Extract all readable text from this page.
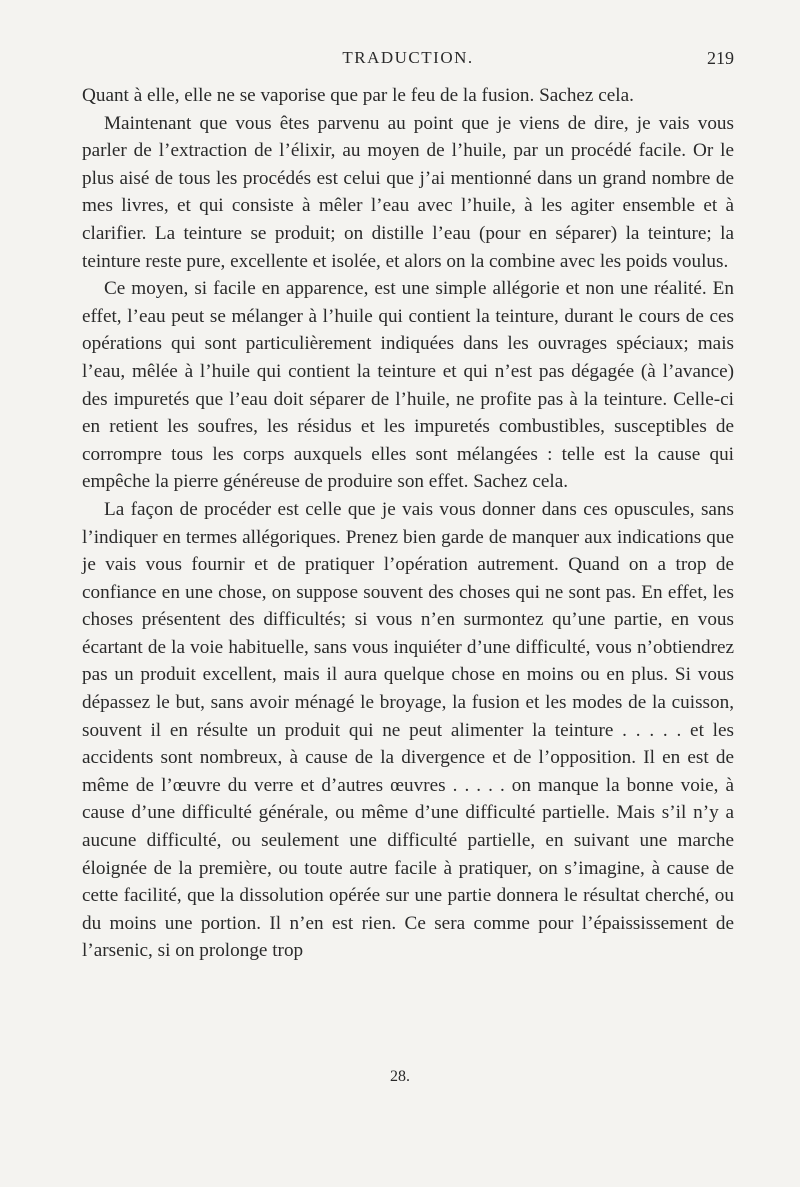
TRADUCTION.	219

Quant à elle, elle ne se vaporise que par le feu de la fusion. Sachez cela.

Maintenant que vous êtes parvenu au point que je viens de dire, je vais vous parler de l’extraction de l’élixir, au moyen de l’huile, par un procédé facile. Or le plus aisé de tous les procédés est celui que j’ai mentionné dans un grand nombre de mes livres, et qui consiste à mêler l’eau avec l’huile, à les agiter ensemble et à clarifier. La teinture se produit; on distille l’eau (pour en séparer) la teinture; la teinture reste pure, excellente et isolée, et alors on la combine avec les poids voulus.

Ce moyen, si facile en apparence, est une simple allégorie et non une réalité. En effet, l’eau peut se mélanger à l’huile qui contient la teinture, durant le cours de ces opérations qui sont particulièrement indiquées dans les ouvrages spéciaux; mais l’eau, mêlée à l’huile qui contient la teinture et qui n’est pas dégagée (à l’avance) des impuretés que l’eau doit séparer de l’huile, ne profite pas à la teinture. Celle-ci en retient les soufres, les résidus et les impuretés combustibles, susceptibles de corrompre tous les corps auxquels elles sont mélangées : telle est la cause qui empêche la pierre généreuse de produire son effet. Sachez cela.

La façon de procéder est celle que je vais vous donner dans ces opuscules, sans l’indiquer en termes allégoriques. Prenez bien garde de manquer aux indications que je vais vous fournir et de pratiquer l’opération autrement. Quand on a trop de confiance en une chose, on suppose souvent des choses qui ne sont pas. En effet, les choses présentent des difficultés; si vous n’en surmontez qu’une partie, en vous écartant de la voie habituelle, sans vous inquiéter d’une difficulté, vous n’obtiendrez pas un produit excellent, mais il aura quelque chose en moins ou en plus. Si vous dépassez le but, sans avoir ménagé le broyage, la fusion et les modes de la cuisson, souvent il en résulte un produit qui ne peut alimenter la teinture . . . . . et les accidents sont nombreux, à cause de la divergence et de l’opposition. Il en est de même de l’œuvre du verre et d’autres œuvres . . . . . on manque la bonne voie, à cause d’une difficulté générale, ou même d’une difficulté partielle. Mais s’il n’y a aucune difficulté, ou seulement une difficulté partielle, en suivant une marche éloignée de la première, ou toute autre facile à pratiquer, on s’imagine, à cause de cette facilité, que la dissolution opérée sur une partie donnera le résultat cherché, ou du moins une portion. Il n’en est rien. Ce sera comme pour l’épaississement de l’arsenic, si on prolonge trop

28.
